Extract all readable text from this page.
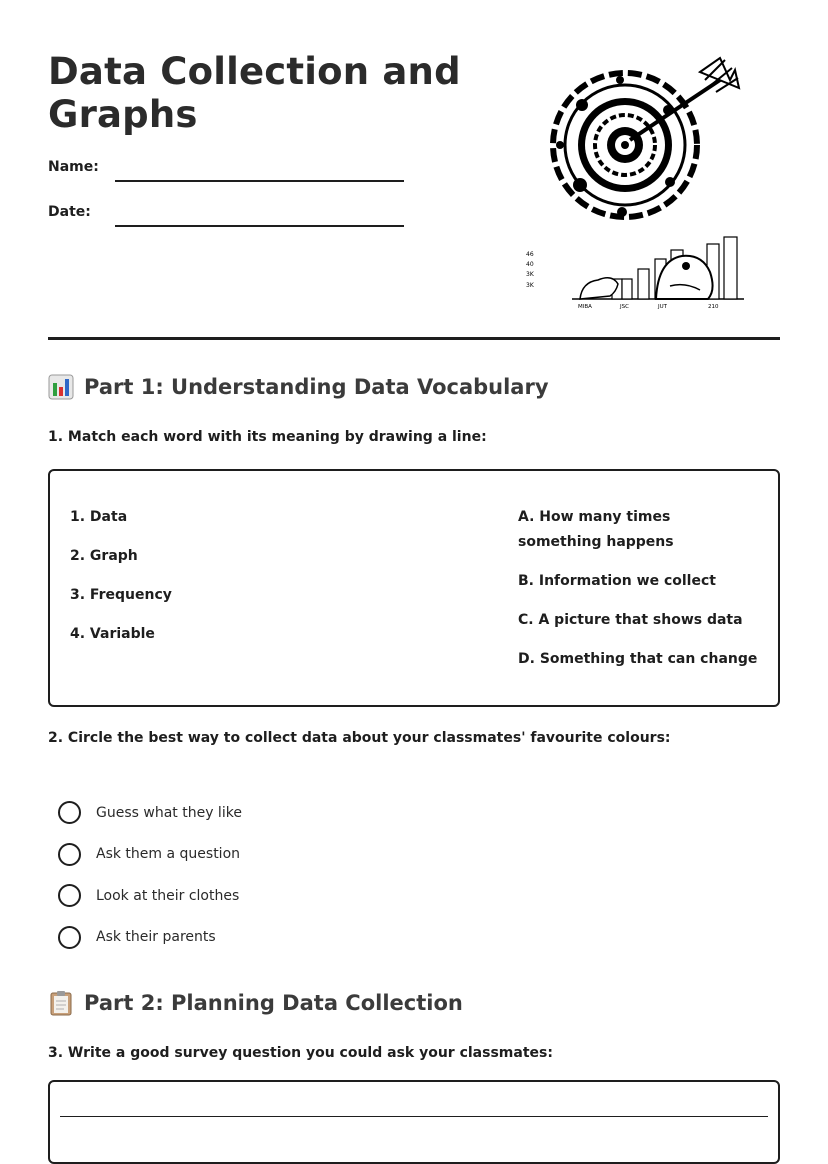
Data Collection and Graphs
Name:
Date:
46
40
3K
3K
MIBA	JSC	JUT	210
Part 1: Understanding Data Vocabulary
1. Match each word with its meaning by drawing a line:
1. Data
2. Graph
3. Frequency
4. Variable
A. How many times something happens
B. Information we collect
C. A picture that shows data
D. Something that can change
2. Circle the best way to collect data about your classmates' favourite colours:
Guess what they like
Ask them a question
Look at their clothes
Ask their parents
Part 2: Planning Data Collection
3. Write a good survey question you could ask your classmates:
